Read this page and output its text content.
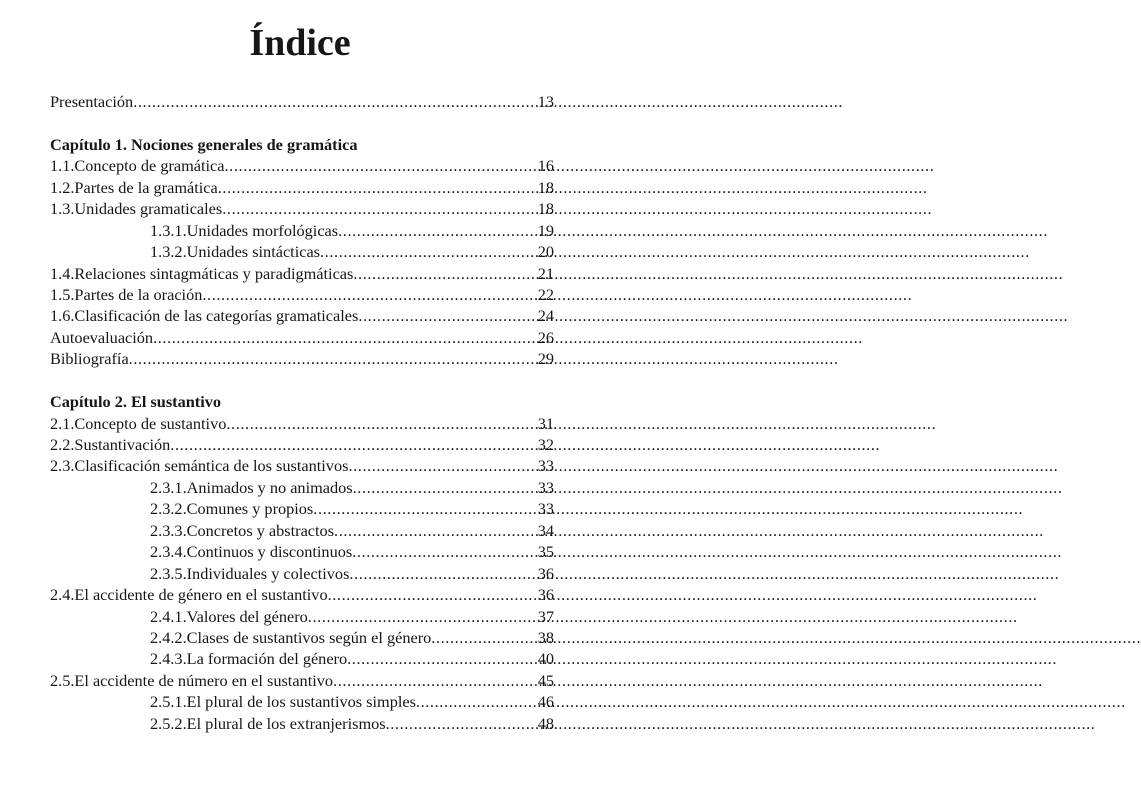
Índice
Presentación .....	13
Capítulo 1. Nociones generales de gramática
1.1. Concepto de gramática .....	16
1.2. Partes de la gramática .....	18
1.3. Unidades gramaticales .....	18
1.3.1. Unidades morfológicas .....	19
1.3.2. Unidades sintácticas .....	20
1.4. Relaciones sintagmáticas y paradigmáticas .....	21
1.5. Partes de la oración .....	22
1.6. Clasificación de las categorías gramaticales .....	24
Autoevaluación .....	26
Bibliografía .....	29
Capítulo 2. El sustantivo
2.1. Concepto de sustantivo .....	31
2.2. Sustantivación .....	32
2.3. Clasificación semántica de los sustantivos .....	33
2.3.1. Animados y no animados .....	33
2.3.2. Comunes y propios .....	33
2.3.3. Concretos y abstractos .....	34
2.3.4. Continuos y discontinuos .....	35
2.3.5. Individuales y colectivos .....	36
2.4. El accidente de género en el sustantivo .....	36
2.4.1. Valores del género .....	37
2.4.2. Clases de sustantivos según el género .....	38
2.4.3. La formación del género .....	40
2.5. El accidente de número en el sustantivo .....	45
2.5.1. El plural de los sustantivos simples .....	46
2.5.2. El plural de los extranjerismos .....	48
